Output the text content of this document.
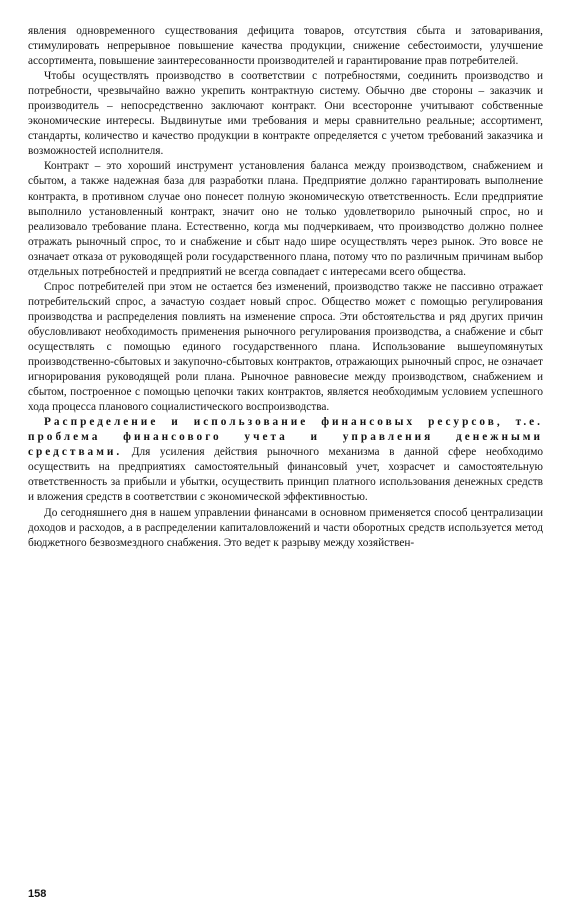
явления одновременного существования дефицита товаров, отсутствия сбыта и затоваривания, стимулировать непрерывное повышение качества продукции, снижение себестоимости, улучшение ассортимента, повышение заинтересованности производителей и гарантирование прав потребителей.

Чтобы осуществлять производство в соответствии с потребностями, соединить производство и потребности, чрезвычайно важно укрепить контрактную систему. Обычно две стороны – заказчик и производитель – непосредственно заключают контракт. Они всесторонне учитывают собственные экономические интересы. Выдвинутые ими требования и меры сравнительно реальные; ассортимент, стандарты, количество и качество продукции в контракте определяется с учетом требований заказчика и возможностей исполнителя.

Контракт – это хороший инструмент установления баланса между производством, снабжением и сбытом, а также надежная база для разработки плана. Предприятие должно гарантировать выполнение контракта, в противном случае оно понесет полную экономическую ответственность. Если предприятие выполнило установленный контракт, значит оно не только удовлетворило рыночный спрос, но и реализовало требование плана. Естественно, когда мы подчеркиваем, что производство должно полнее отражать рыночный спрос, то и снабжение и сбыт надо шире осуществлять через рынок. Это вовсе не означает отказа от руководящей роли государственного плана, потому что по различным причинам выбор отдельных потребностей и предприятий не всегда совпадает с интересами всего общества.

Спрос потребителей при этом не остается без изменений, производство также не пассивно отражает потребительский спрос, а зачастую создает новый спрос. Общество может с помощью регулирования производства и распределения повлиять на изменение спроса. Эти обстоятельства и ряд других причин обусловливают необходимость применения рыночного регулирования производства, а снабжение и сбыт осуществлять с помощью единого государственного плана. Использование вышеупомянутых производственно-сбытовых и закупочно-сбытовых контрактов, отражающих рыночный спрос, не означает игнорирования руководящей роли плана. Рыночное равновесие между производством, снабжением и сбытом, построенное с помощью цепочки таких контрактов, является необходимым условием успешного хода процесса планового социалистического воспроизводства.

Распределение и использование финансовых ресурсов, т.е. проблема финансового учета и управления денежными средствами. Для усиления действия рыночного механизма в данной сфере необходимо осуществить на предприятиях самостоятельный финансовый учет, хозрасчет и самостоятельную ответственность за прибыли и убытки, осуществить принцип платного использования денежных средств и вложения средств в соответствии с экономической эффективностью.

До сегодняшнего дня в нашем управлении финансами в основном применяется способ централизации доходов и расходов, а в распределении капиталовложений и части оборотных средств используется метод бюджетного безвозмездного снабжения. Это ведет к разрыву между хозяйствен-

158
